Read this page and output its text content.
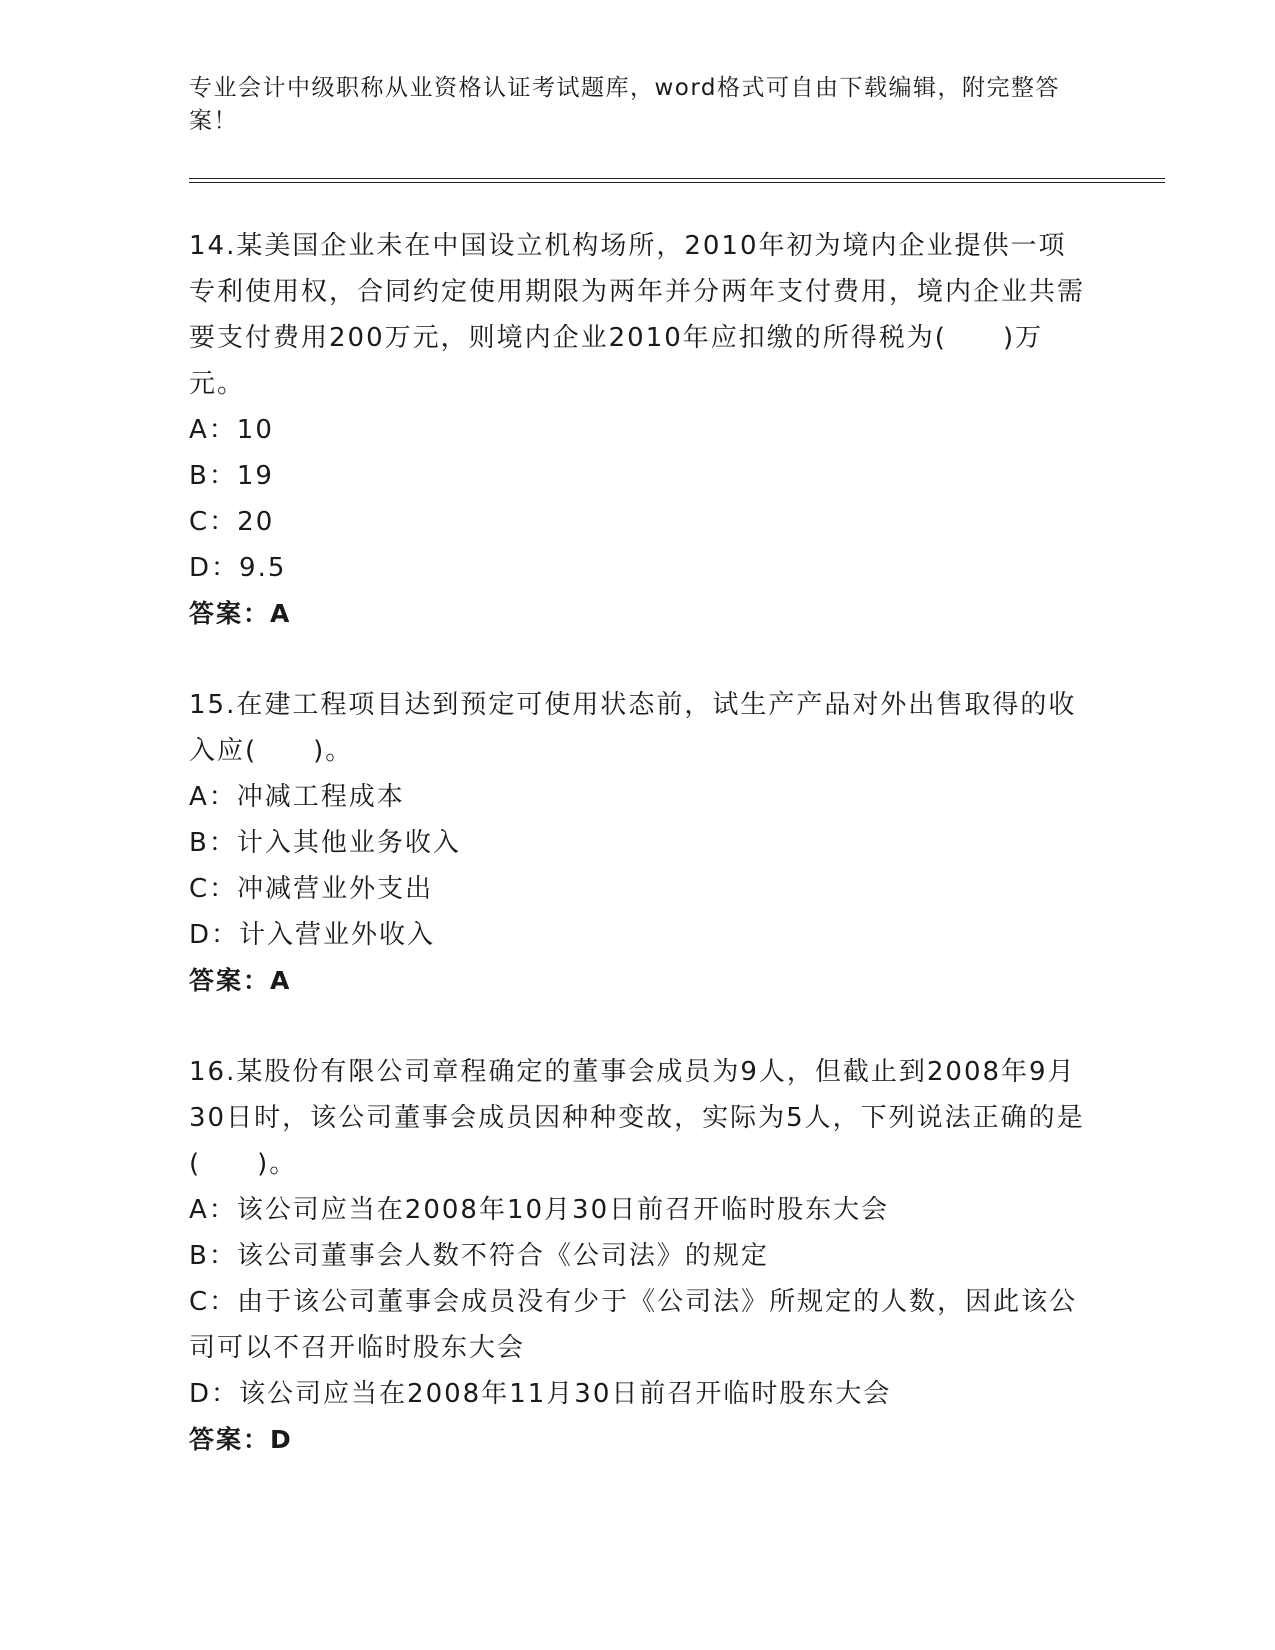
专业会计中级职称从业资格认证考试题库，word格式可自由下载编辑，附完整答案！
14.某美国企业未在中国设立机构场所，2010年初为境内企业提供一项专利使用权，合同约定使用期限为两年并分两年支付费用，境内企业共需要支付费用200万元，则境内企业2010年应扣缴的所得税为(　　)万元。
A：10
B：19
C：20
D：9.5
答案：A
15.在建工程项目达到预定可使用状态前，试生产产品对外出售取得的收入应(　　)。
A：冲减工程成本
B：计入其他业务收入
C：冲减营业外支出
D：计入营业外收入
答案：A
16.某股份有限公司章程确定的董事会成员为9人，但截止到2008年9月30日时，该公司董事会成员因种种变故，实际为5人，下列说法正确的是(　　)。
A：该公司应当在2008年10月30日前召开临时股东大会
B：该公司董事会人数不符合《公司法》的规定
C：由于该公司董事会成员没有少于《公司法》所规定的人数，因此该公司可以不召开临时股东大会
D：该公司应当在2008年11月30日前召开临时股东大会
答案：D
